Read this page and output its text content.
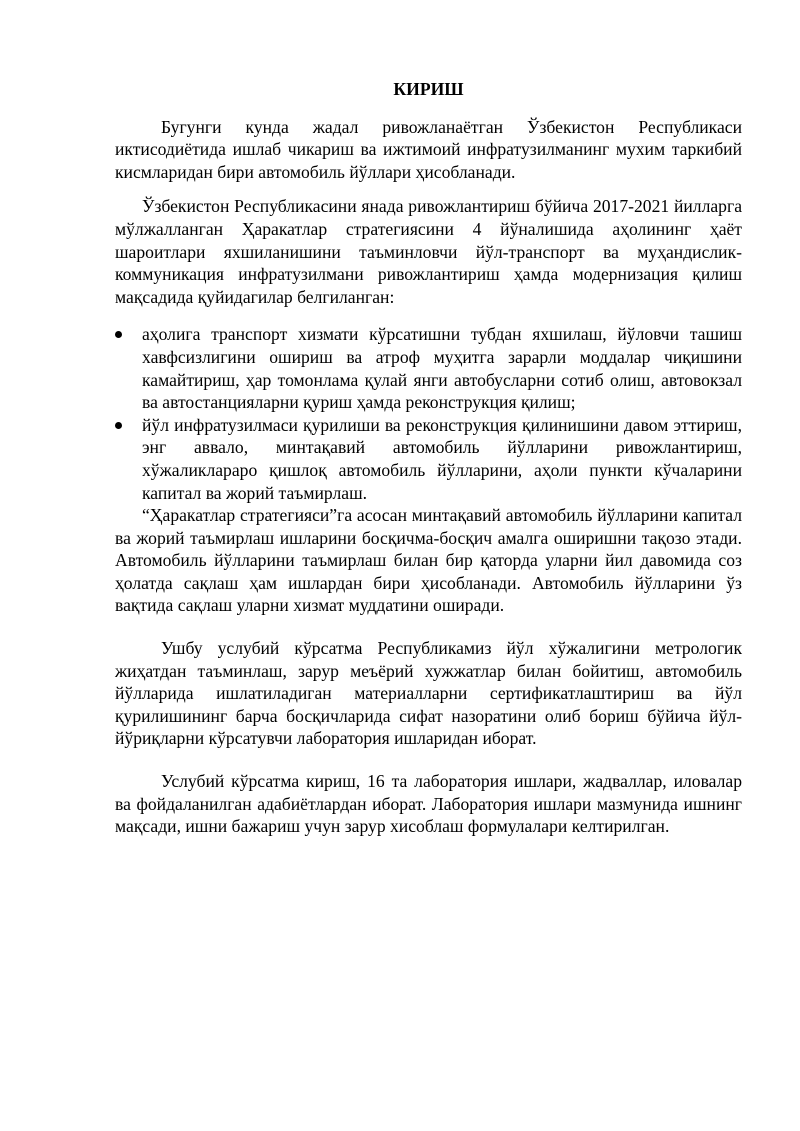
КИРИШ

Бугунги кунда жадал ривожланаётган Ўзбекистон Республикаси иктисодиётида ишлаб чикариш ва ижтимоий инфратузилманинг мухим таркибий кисмларидан бири автомобиль йўллари ҳисобланади.

Ўзбекистон Республикасини янада ривожлантириш бўйича 2017-2021 йилларга мўлжалланган Ҳаракатлар стратегиясини 4 йўналишида аҳолининг ҳаёт шароитлари яхшиланишини таъминловчи йўл-транспорт ва муҳандислик-коммуникация инфратузилмани ривожлантириш ҳамда модернизация қилиш мақсадида қуйидагилар белгиланган:

аҳолига транспорт хизмати кўрсатишни тубдан яхшилаш, йўловчи ташиш хавфсизлигини ошириш ва атроф муҳитга зарарли моддалар чиқишини камайтириш, ҳар томонлама қулай янги автобусларни сотиб олиш, автовокзал ва автостанцияларни қуриш ҳамда реконструкция қилиш;
йўл инфратузилмаси қурилиши ва реконструкция қилинишини давом эттириш, энг аввало, минтақавий автомобиль йўлларини ривожлантириш, хўжаликлараро қишлоқ автомобиль йўлларини, аҳоли пункти кўчаларини капитал ва жорий таъмирлаш.

“Ҳаракатлар стратегияси”га асосан минтақавий автомобиль йўлларини капитал ва жорий таъмирлаш ишларини босқичма-босқич амалга оширишни тақозо этади. Автомобиль йўлларини таъмирлаш билан бир қаторда уларни йил давомида соз ҳолатда сақлаш ҳам ишлардан бири ҳисобланади. Автомобиль йўлларини ўз вақтида сақлаш уларни хизмат муддатини оширади.

Ушбу услубий кўрсатма Республикамиз йўл хўжалигини метрологик жиҳатдан таъминлаш, зарур меъёрий хужжатлар билан бойитиш, автомобиль йўлларида ишлатиладиган материалларни сертификатлаштириш ва йўл қурилишининг барча босқичларида сифат назоратини олиб бориш бўйича йўл-йўриқларни кўрсатувчи лаборатория ишларидан иборат.

Услубий кўрсатма кириш, 16 та лаборатория ишлари, жадваллар, иловалар ва фойдаланилган адабиётлардан иборат. Лаборатория ишлари мазмунида ишнинг мақсади, ишни бажариш учун зарур хисоблаш формулалари келтирилган.
